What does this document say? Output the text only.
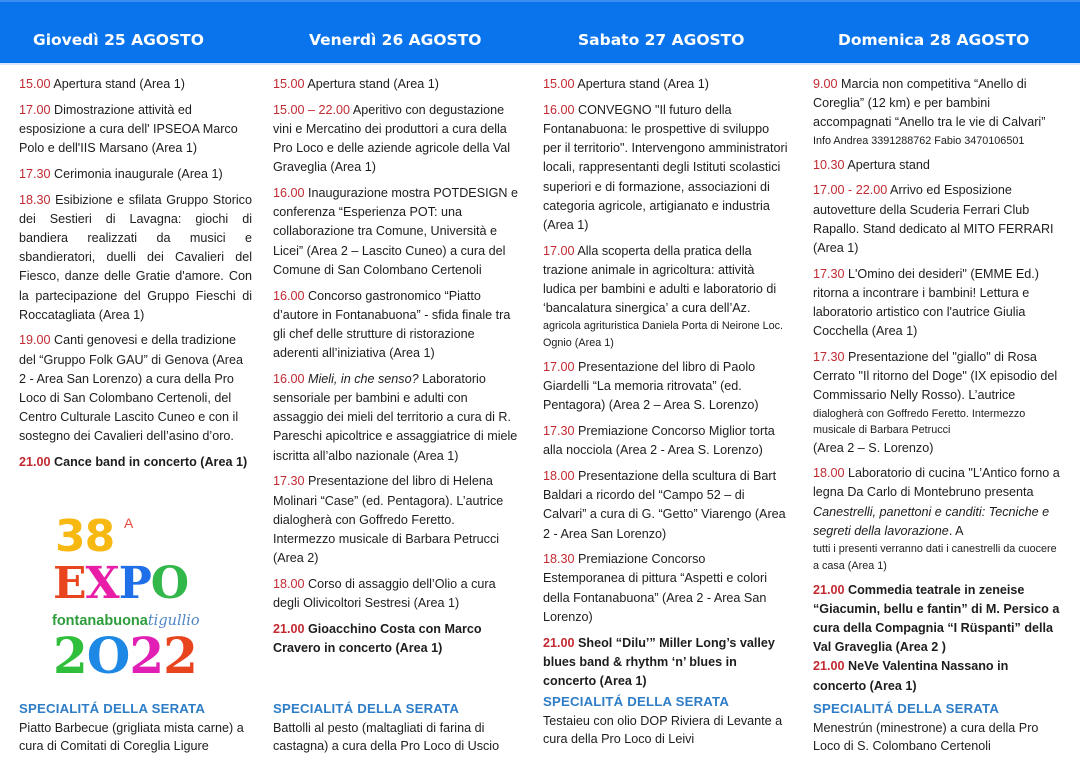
Giovedì 25 AGOSTO	Venerdì 26 AGOSTO	Sabato 27 AGOSTO	Domenica 28 AGOSTO
15.00 Apertura stand (Area 1)
17.00 Dimostrazione attività ed esposizione a cura dell' IPSEOA Marco Polo e dell'IIS Marsano (Area 1)
17.30 Cerimonia inaugurale (Area 1)
18.30 Esibizione e sfilata Gruppo Storico dei Sestieri di Lavagna: giochi di bandiera realizzati da musici e sbandieratori, duelli dei Cavalieri del Fiesco, danze delle Gratie d'amore. Con la partecipazione del Gruppo Fieschi di Roccatagliata (Area 1)
19.00 Canti genovesi e della tradizione del “Gruppo Folk GAU” di Genova (Area 2 - Area San Lorenzo) a cura della Pro Loco di San Colombano Certenoli, del Centro Culturale Lascito Cuneo e con il sostegno dei Cavalieri dell’asino d’oro.
21.00 Cance band in concerto (Area 1)
38 A
EXPO
fontanabuonatigullio
2O22
SPECIALITÁ DELLA SERATA
Piatto Barbecue (grigliata mista carne) a cura di Comitati di Coreglia Ligure
15.00 Apertura stand (Area 1)
15.00 – 22.00 Aperitivo con degustazione vini e Mercatino dei produttori a cura della Pro Loco e delle aziende agricole della Val Graveglia (Area 1)
16.00 Inaugurazione mostra POTDESIGN e conferenza “Esperienza POT: una collaborazione tra Comune, Università e Licei” (Area 2 – Lascito Cuneo) a cura del Comune di San Colombano Certenoli
16.00 Concorso gastronomico “Piatto d’autore in Fontanabuona” - sfida finale tra gli chef delle strutture di ristorazione aderenti all’iniziativa (Area 1)
16.00 Mieli, in che senso? Laboratorio sensoriale per bambini e adulti con assaggio dei mieli del territorio a cura di R. Pareschi apicoltrice e assaggiatrice di miele iscritta all’albo nazionale (Area 1)
17.30 Presentazione del libro di Helena Molinari “Case” (ed. Pentagora). L’autrice dialogherà con Goffredo Feretto. Intermezzo musicale di Barbara Petrucci (Area 2)
18.00 Corso di assaggio dell’Olio a cura degli Olivicoltori Sestresi (Area 1)
21.00 Gioacchino Costa con Marco Cravero in concerto (Area 1)
SPECIALITÁ DELLA SERATA
Battolli al pesto (maltagliati di farina di castagna) a cura della Pro Loco di Uscio
15.00 Apertura stand (Area 1)
16.00 CONVEGNO "Il futuro della Fontanabuona: le prospettive di sviluppo per il territorio". Intervengono amministratori locali, rappresentanti degli Istituti scolastici superiori e di formazione, associazioni di categoria agricole, artigianato e industria (Area 1)
17.00 Alla scoperta della pratica della trazione animale in agricoltura: attività ludica per bambini e adulti e laboratorio di ‘bancalatura sinergica’ a cura dell’Az.
agricola agrituristica Daniela Porta di Neirone Loc. Ognio (Area 1)
17.00 Presentazione del libro di Paolo Giardelli “La memoria ritrovata” (ed. Pentagora) (Area 2 – Area S. Lorenzo)
17.30 Premiazione Concorso Miglior torta alla nocciola (Area 2 - Area S. Lorenzo)
18.00 Presentazione della scultura di Bart Baldari a ricordo del “Campo 52 – di Calvari” a cura di G. “Getto” Viarengo (Area 2 - Area San Lorenzo)
18.30 Premiazione Concorso Estemporanea di pittura “Aspetti e colori della Fontanabuona” (Area 2 - Area San Lorenzo)
21.00 Sheol “Dilu’” Miller Long’s valley blues band & rhythm ‘n’ blues in concerto (Area 1)
SPECIALITÁ DELLA SERATA
Testaieu con olio DOP Riviera di Levante a cura della Pro Loco di Leivi
9.00 Marcia non competitiva “Anello di Coreglia” (12 km) e per bambini accompagnati “Anello tra le vie di Calvari”
Info Andrea 3391288762 Fabio 3470106501
10.30 Apertura stand
17.00 - 22.00 Arrivo ed Esposizione autovetture della Scuderia Ferrari Club Rapallo. Stand dedicato al MITO FERRARI (Area 1)
17.30 L'Omino dei desideri" (EMME Ed.) ritorna a incontrare i bambini! Lettura e laboratorio artistico con l'autrice Giulia Cocchella (Area 1)
17.30 Presentazione del "giallo" di Rosa Cerrato "Il ritorno del Doge" (IX episodio del Commissario Nelly Rosso). L’autrice
dialogherà con Goffredo Feretto. Intermezzo musicale di Barbara Petrucci
(Area 2 – S. Lorenzo)
18.00 Laboratorio di cucina "L’Antico forno a legna Da Carlo di Montebruno presenta Canestrelli, panettoni e canditi: Tecniche e segreti della lavorazione. A
tutti i presenti verranno dati i canestrelli da cuocere a casa (Area 1)
21.00 Commedia teatrale in zeneise “Giacumin, bellu e fantin” di M. Persico a cura della Compagnia “I Rüspanti” della Val Graveglia (Area 2 )
21.00 NeVe Valentina Nassano in concerto (Area 1)
SPECIALITÁ DELLA SERATA
Menestrún (minestrone) a cura della Pro Loco di S. Colombano Certenoli
